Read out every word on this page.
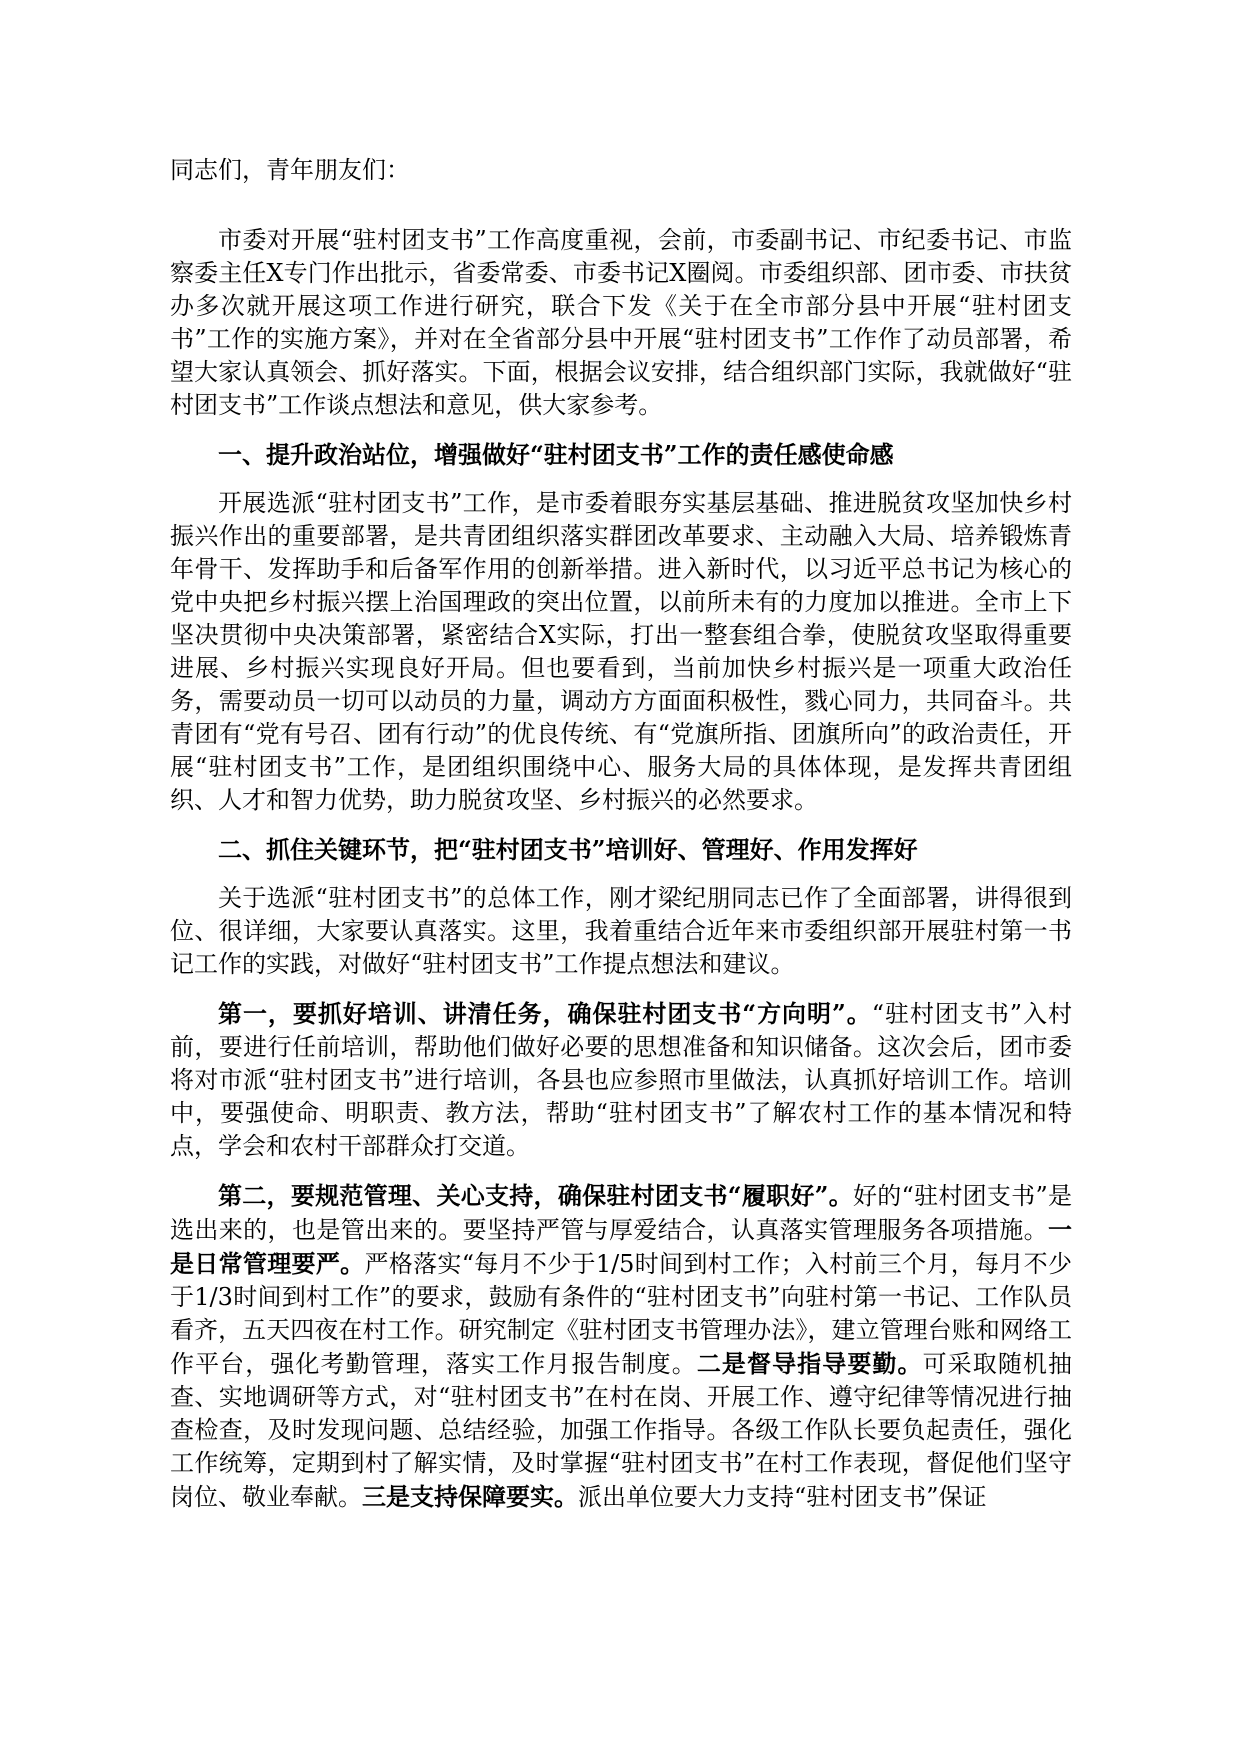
同志们，青年朋友们：

市委对开展“驻村团支书”工作高度重视，会前，市委副书记、市纪委书记、市监察委主任X专门作出批示，省委常委、市委书记X圈阅。市委组织部、团市委、市扶贫办多次就开展这项工作进行研究，联合下发《关于在全市部分县中开展“驻村团支书”工作的实施方案》，并对在全省部分县中开展“驻村团支书”工作作了动员部署，希望大家认真领会、抓好落实。下面，根据会议安排，结合组织部门实际，我就做好“驻村团支书”工作谈点想法和意见，供大家参考。

一、提升政治站位，增强做好“驻村团支书”工作的责任感使命感

开展选派“驻村团支书”工作，是市委着眼夯实基层基础、推进脱贫攻坚加快乡村振兴作出的重要部署，是共青团组织落实群团改革要求、主动融入大局、培养锻炼青年骨干、发挥助手和后备军作用的创新举措。进入新时代，以习近平总书记为核心的党中央把乡村振兴摆上治国理政的突出位置，以前所未有的力度加以推进。全市上下坚决贯彻中央决策部署，紧密结合X实际，打出一整套组合拳，使脱贫攻坚取得重要进展、乡村振兴实现良好开局。但也要看到，当前加快乡村振兴是一项重大政治任务，需要动员一切可以动员的力量，调动方方面面积极性，戮心同力，共同奋斗。共青团有“党有号召、团有行动”的优良传统、有“党旗所指、团旗所向”的政治责任，开展“驻村团支书”工作，是团组织围绕中心、服务大局的具体体现，是发挥共青团组织、人才和智力优势，助力脱贫攻坚、乡村振兴的必然要求。

二、抓住关键环节，把“驻村团支书”培训好、管理好、作用发挥好

关于选派“驻村团支书”的总体工作，刚才梁纪朋同志已作了全面部署，讲得很到位、很详细，大家要认真落实。这里，我着重结合近年来市委组织部开展驻村第一书记工作的实践，对做好“驻村团支书”工作提点想法和建议。

第一，要抓好培训、讲清任务，确保驻村团支书“方向明”。“驻村团支书”入村前，要进行任前培训，帮助他们做好必要的思想准备和知识储备。这次会后，团市委将对市派“驻村团支书”进行培训，各县也应参照市里做法，认真抓好培训工作。培训中，要强使命、明职责、教方法，帮助“驻村团支书”了解农村工作的基本情况和特点，学会和农村干部群众打交道。

第二，要规范管理、关心支持，确保驻村团支书“履职好”。好的“驻村团支书”是选出来的，也是管出来的。要坚持严管与厚爱结合，认真落实管理服务各项措施。一是日常管理要严。严格落实“每月不少于1/5时间到村工作；入村前三个月，每月不少于1/3时间到村工作”的要求，鼓励有条件的“驻村团支书”向驻村第一书记、工作队员看齐，五天四夜在村工作。研究制定《驻村团支书管理办法》，建立管理台账和网络工作平台，强化考勤管理，落实工作月报告制度。二是督导指导要勤。可采取随机抽查、实地调研等方式，对“驻村团支书”在村在岗、开展工作、遵守纪律等情况进行抽查检查，及时发现问题、总结经验，加强工作指导。各级工作队长要负起责任，强化工作统筹，定期到村了解实情，及时掌握“驻村团支书”在村工作表现，督促他们坚守岗位、敬业奉献。三是支持保障要实。派出单位要大力支持“驻村团支书”保证
